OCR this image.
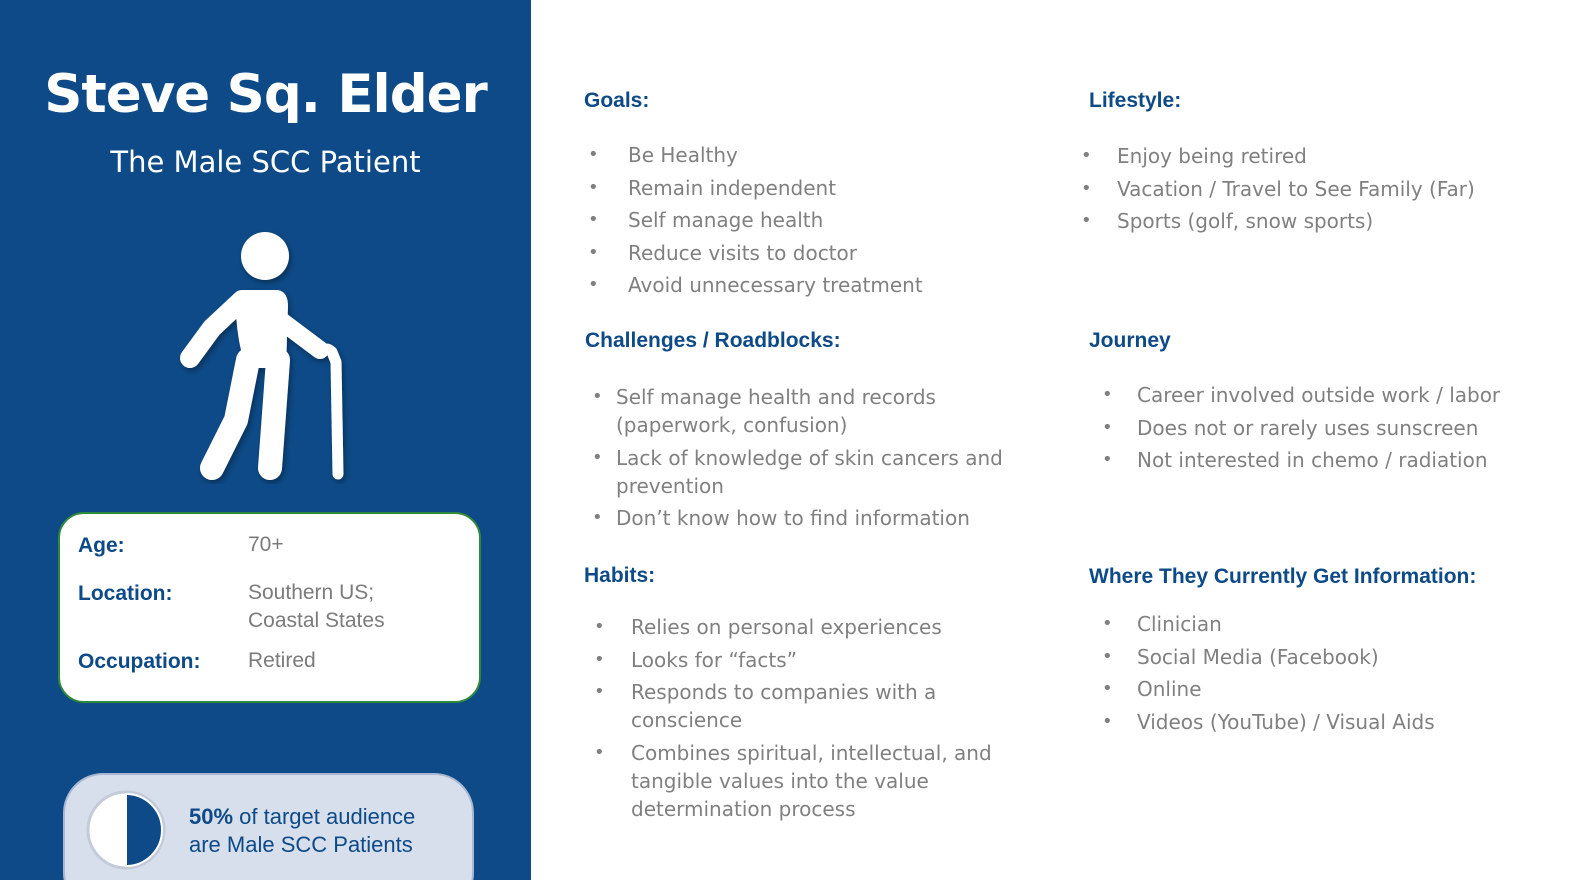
Steve Sq. Elder
The Male SCC Patient
Age:	70+
Location:	Southern US;
Coastal States
Occupation: Retired
50% of target audience
are Male SCC Patients
Goals:
• Be Healthy
• Remain independent
• Self manage health
• Reduce visits to doctor
• Avoid unnecessary treatment
Lifestyle:
• Enjoy being retired
• Vacation / Travel to See Family (Far)
• Sports (golf, snow sports)
Challenges / Roadblocks:
• Self manage health and records (paperwork, confusion)
• Lack of knowledge of skin cancers and prevention
• Don’t know how to find information
Journey
• Career involved outside work / labor
• Does not or rarely uses sunscreen
• Not interested in chemo / radiation
Habits:
• Relies on personal experiences
• Looks for “facts”
• Responds to companies with a conscience
• Combines spiritual, intellectual, and tangible values into the value determination process
Where They Currently Get Information:
• Clinician
• Social Media (Facebook)
• Online
• Videos (YouTube) / Visual Aids
